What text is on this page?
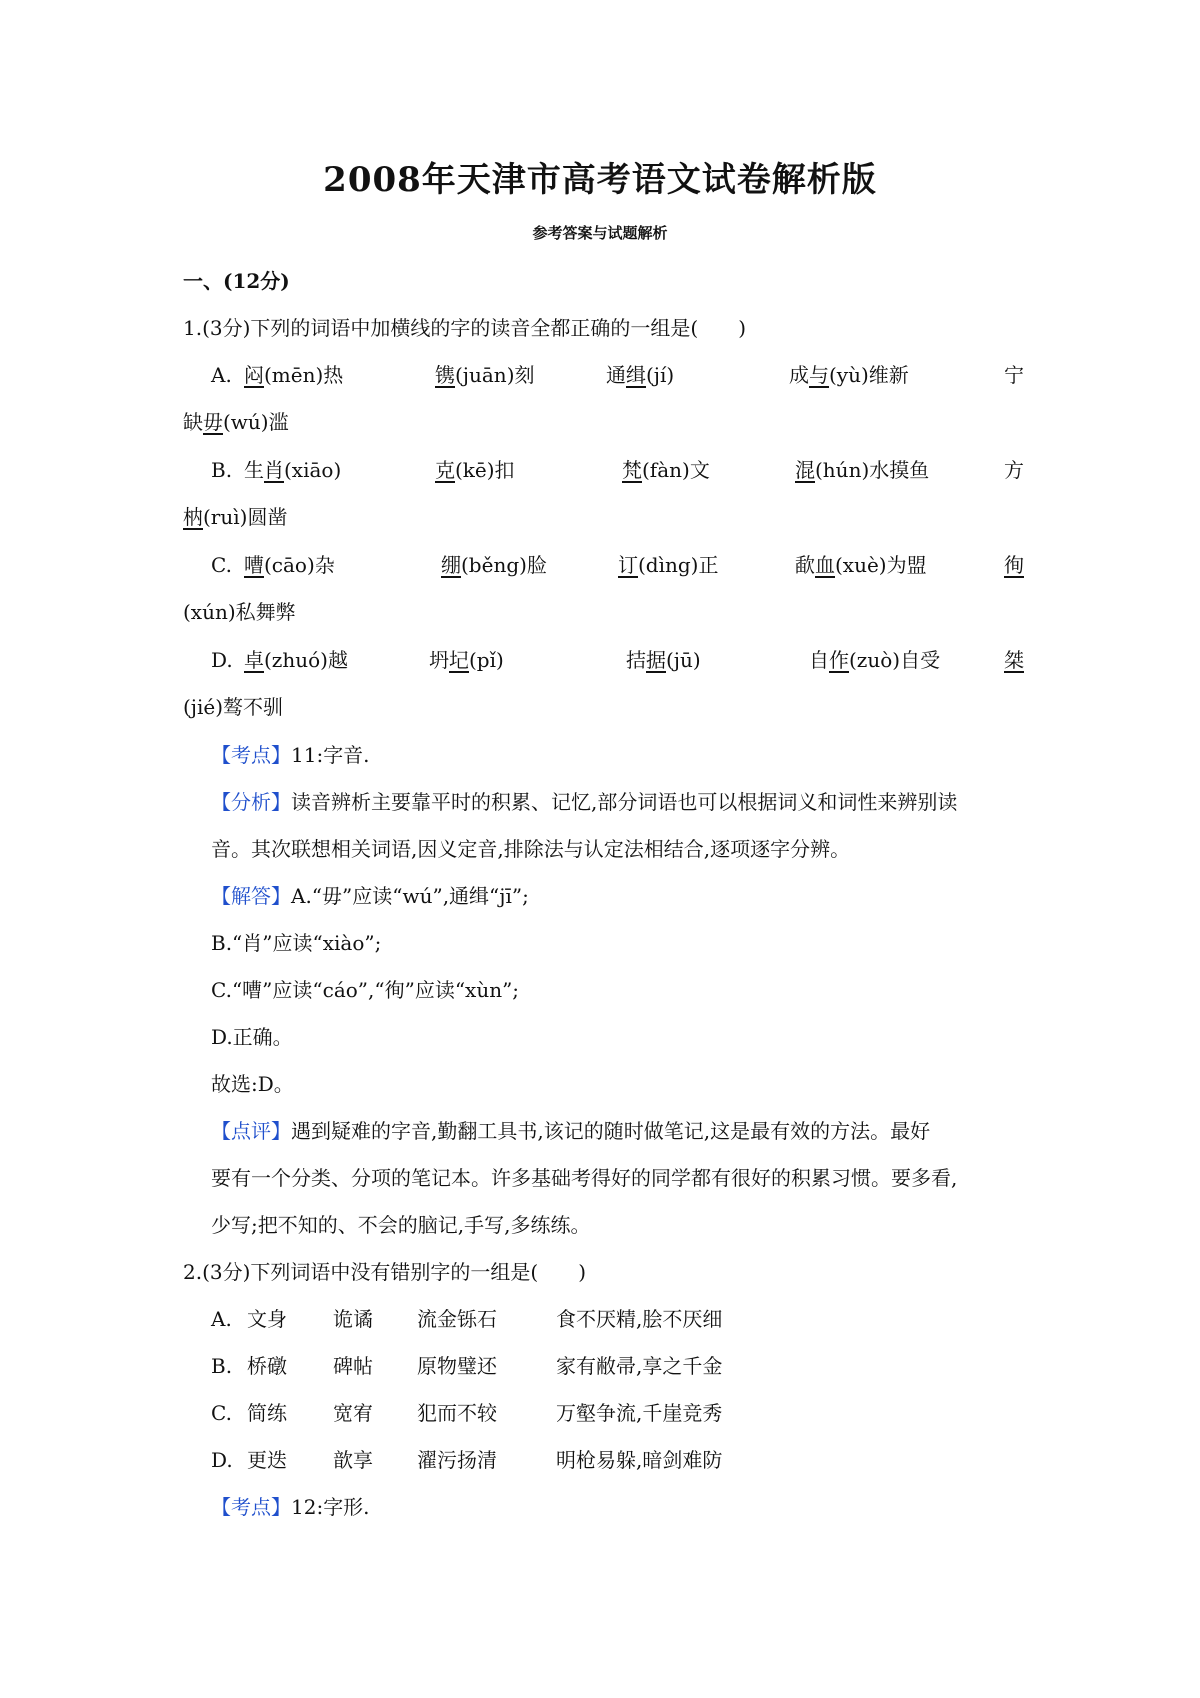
2008年天津市高考语文试卷解析版
参考答案与试题解析
一、(12分)
1.(3分)下列的词语中加横线的字的读音全都正确的一组是(　　)
A. 闷(mēn)热	镌(juān)刻	通缉(jí)	成与(yù)维新	宁
缺毋(wú)滥
B. 生肖(xiāo)	克(kē)扣	梵(fàn)文	混(hún)水摸鱼	方
枘(ruì)圆凿
C. 嘈(cāo)杂	绷(běng)脸	订(dìng)正	歃血(xuè)为盟	徇
(xún)私舞弊
D. 卓(zhuó)越	坍圮(pǐ)	拮据(jū)	自作(zuò)自受	桀
(jié)骜不驯
【考点】11:字音.
【分析】读音辨析主要靠平时的积累、记忆,部分词语也可以根据词义和词性来辨别读
音。其次联想相关词语,因义定音,排除法与认定法相结合,逐项逐字分辨。
【解答】A.“毋”应读“wú”,通缉“jī”;
B.“肖”应读“xiào”;
C.“嘈”应读“cáo”,“徇”应读“xùn”;
D.正确。
故选:D。
【点评】遇到疑难的字音,勤翻工具书,该记的随时做笔记,这是最有效的方法。最好
要有一个分类、分项的笔记本。许多基础考得好的同学都有很好的积累习惯。要多看,
少写;把不知的、不会的脑记,手写,多练练。
2.(3分)下列词语中没有错别字的一组是(　　)
A. 文身 诡谲 流金铄石	食不厌精,脍不厌细
B. 桥礅 碑帖 原物璧还	家有敝帚,享之千金
C. 简练 宽宥 犯而不较	万壑争流,千崖竞秀
D. 更迭 歆享 濯污扬清	明枪易躲,暗剑难防
【考点】12:字形.
